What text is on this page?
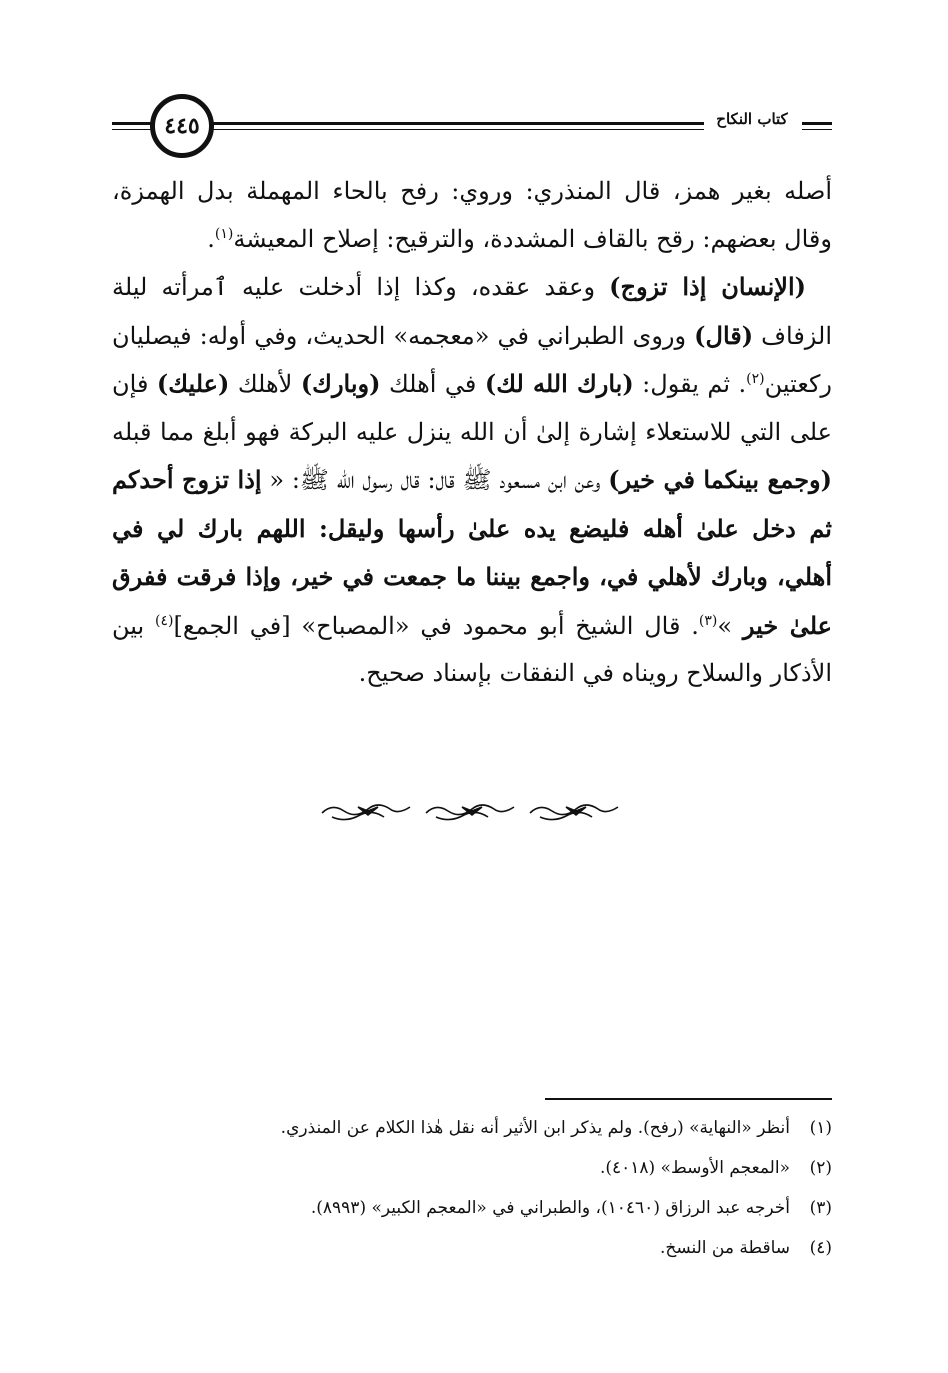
٤٤٥	كتاب النكاح

أصله بغير همز، قال المنذري: وروي: رفح بالحاء المهملة بدل الهمزة، وقال بعضهم: رقح بالقاف المشددة، والترقيح: إصلاح المعيشة$^{(١)}$.

(الإنسان إذا تزوج) وعقد عقده، وكذا إذا أدخلت عليه ٱمرأته ليلة الزفاف (قال) وروى الطبراني في «معجمه» الحديث، وفي أوله: فيصليان ركعتين$^{(٢)}$. ثم يقول: (بارك الله لك) في أهلك (وبارك) لأهلك (عليك) فإن على التي للاستعلاء إشارة إلىٰ أن الله ينزل عليه البركة فهو أبلغ مما قبله (وجمع بينكما في خير) وعن ابن مسعود ﷺ قال: قال رسول الله ﷺ: « إذا تزوج أحدكم ثم دخل علىٰ أهله فليضع يده علىٰ رأسها وليقل: اللهم بارك لي في أهلي، وبارك لأهلي في، واجمع بيننا ما جمعت في خير، وإذا فرقت ففرق علىٰ خير »$^{(٣)}$. قال الشيخ أبو محمود في «المصباح» [في الجمع]$^{(٤)}$ بين الأذكار والسلاح رويناه في النفقات بإسناد صحيح.

(١)أنظر «النهاية» (رفح). ولم يذكر ابن الأثير أنه نقل هٰذا الكلام عن المنذري.
(٢)«المعجم الأوسط» (٤٠١٨).
(٣)أخرجه عبد الرزاق (١٠٤٦٠)، والطبراني في «المعجم الكبير» (٨٩٩٣).
(٤)ساقطة من النسخ.
